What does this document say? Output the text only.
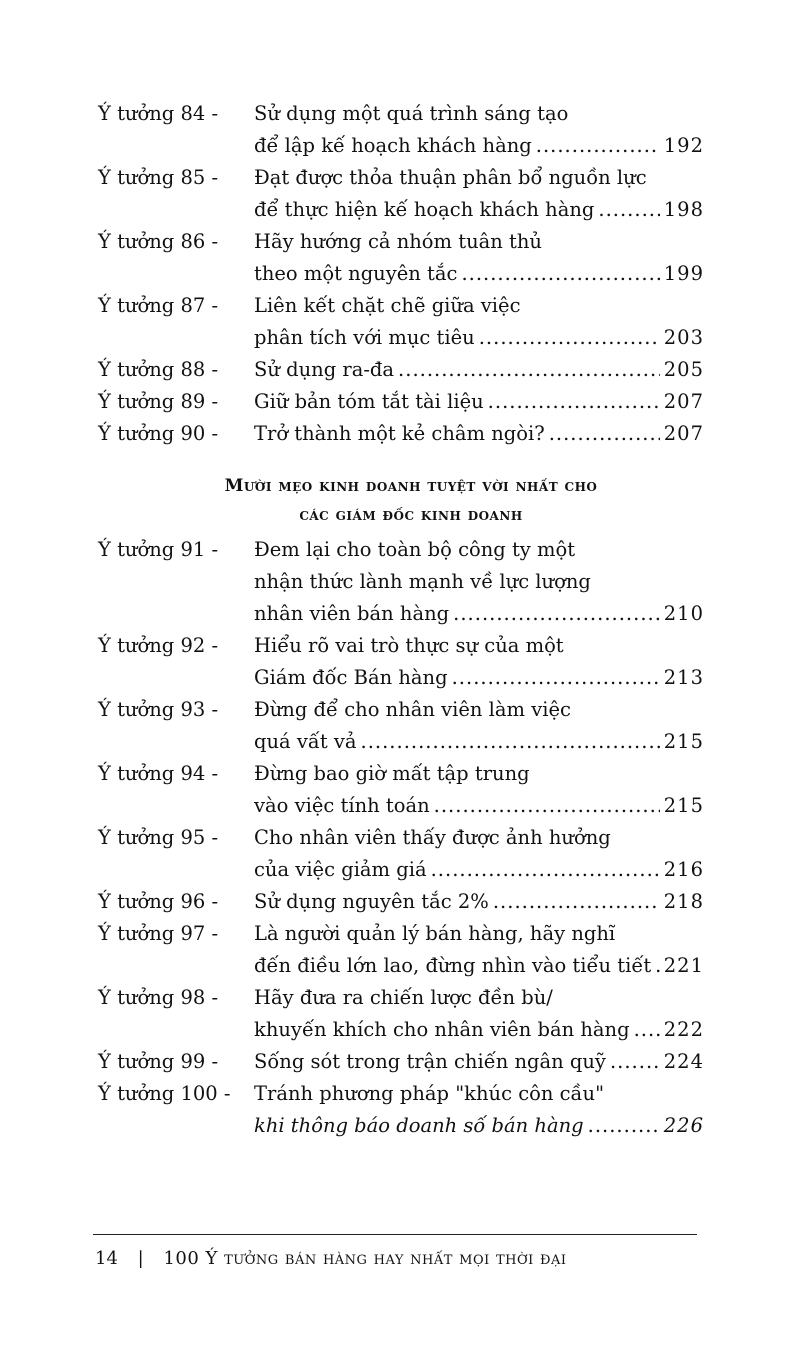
Ý tưởng 84 -	Sử dụng một quá trình sáng tạo
để lập kế hoạch khách hàng .....	192
Ý tưởng 85 -	Đạt được thỏa thuận phân bổ nguồn lực
để thực hiện kế hoạch khách hàng .....	198
Ý tưởng 86 -	Hãy hướng cả nhóm tuân thủ
theo một nguyên tắc .....	199
Ý tưởng 87 -	Liên kết chặt chẽ giữa việc
phân tích với mục tiêu .....	203
Ý tưởng 88 -	Sử dụng ra-đa .....	205
Ý tưởng 89 -	Giữ bản tóm tắt tài liệu .....	207
Ý tưởng 90 -	Trở thành một kẻ châm ngòi? .....	207
Mười mẹo kinh doanh tuyệt vời nhất cho
các giám đốc kinh doanh
Ý tưởng 91 -	Đem lại cho toàn bộ công ty một
nhận thức lành mạnh về lực lượng
nhân viên bán hàng .....	210
Ý tưởng 92 -	Hiểu rõ vai trò thực sự của một
Giám đốc Bán hàng .....	213
Ý tưởng 93 -	Đừng để cho nhân viên làm việc
quá vất vả .....	215
Ý tưởng 94 -	Đừng bao giờ mất tập trung
vào việc tính toán .....	215
Ý tưởng 95 -	Cho nhân viên thấy được ảnh hưởng
của việc giảm giá .....	216
Ý tưởng 96 -	Sử dụng nguyên tắc 2% .....	218
Ý tưởng 97 -	Là người quản lý bán hàng, hãy nghĩ
đến điều lớn lao, đừng nhìn vào tiểu tiết ..... 221
Ý tưởng 98 -	Hãy đưa ra chiến lược đền bù/
khuyến khích cho nhân viên bán hàng ..... 222
Ý tưởng 99 -	Sống sót trong trận chiến ngân quỹ .....	224
Ý tưởng 100 -	Tránh phương pháp "khúc côn cầu"
khi thông báo doanh số bán hàng .....	226
14 | 100 Ý tưởng bán hàng hay nhất mọi thời đại
